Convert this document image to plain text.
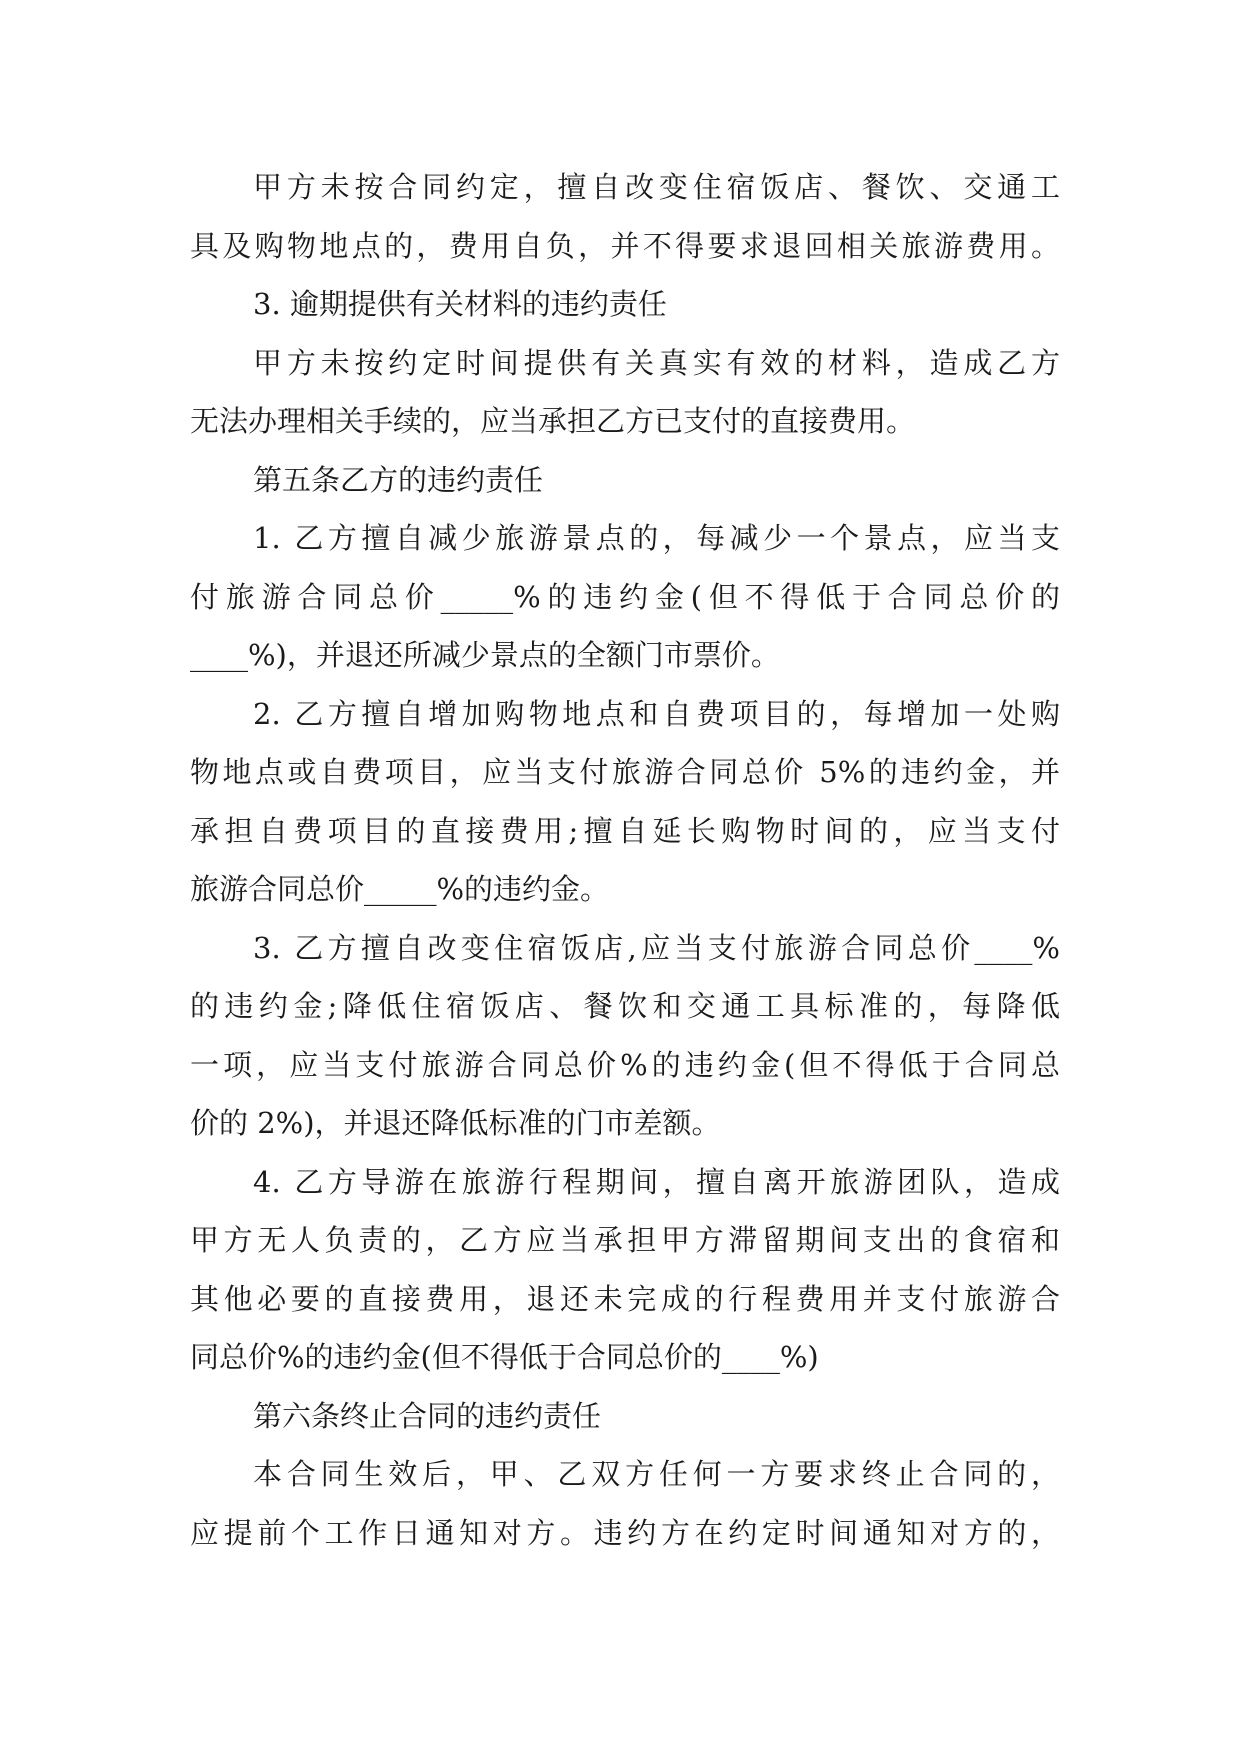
甲方未按合同约定，擅自改变住宿饭店、餐饮、交通工
具及购物地点的，费用自负，并不得要求退回相关旅游费用。
3. 逾期提供有关材料的违约责任
甲方未按约定时间提供有关真实有效的材料，造成乙方
无法办理相关手续的，应当承担乙方已支付的直接费用。
第五条乙方的违约责任
1. 乙方擅自减少旅游景点的，每减少一个景点，应当支
付旅游合同总价_____%的违约金(但不得低于合同总价的
____%)，并退还所减少景点的全额门市票价。
2. 乙方擅自增加购物地点和自费项目的，每增加一处购
物地点或自费项目，应当支付旅游合同总价 5%的违约金，并
承担自费项目的直接费用;擅自延长购物时间的，应当支付
旅游合同总价_____%的违约金。
3. 乙方擅自改变住宿饭店,应当支付旅游合同总价____%
的违约金;降低住宿饭店、餐饮和交通工具标准的，每降低
一项，应当支付旅游合同总价%的违约金(但不得低于合同总
价的 2%)，并退还降低标准的门市差额。
4. 乙方导游在旅游行程期间，擅自离开旅游团队，造成
甲方无人负责的，乙方应当承担甲方滞留期间支出的食宿和
其他必要的直接费用，退还未完成的行程费用并支付旅游合
同总价%的违约金(但不得低于合同总价的____%)
第六条终止合同的违约责任
本合同生效后，甲、乙双方任何一方要求终止合同的，
应提前个工作日通知对方。违约方在约定时间通知对方的，
